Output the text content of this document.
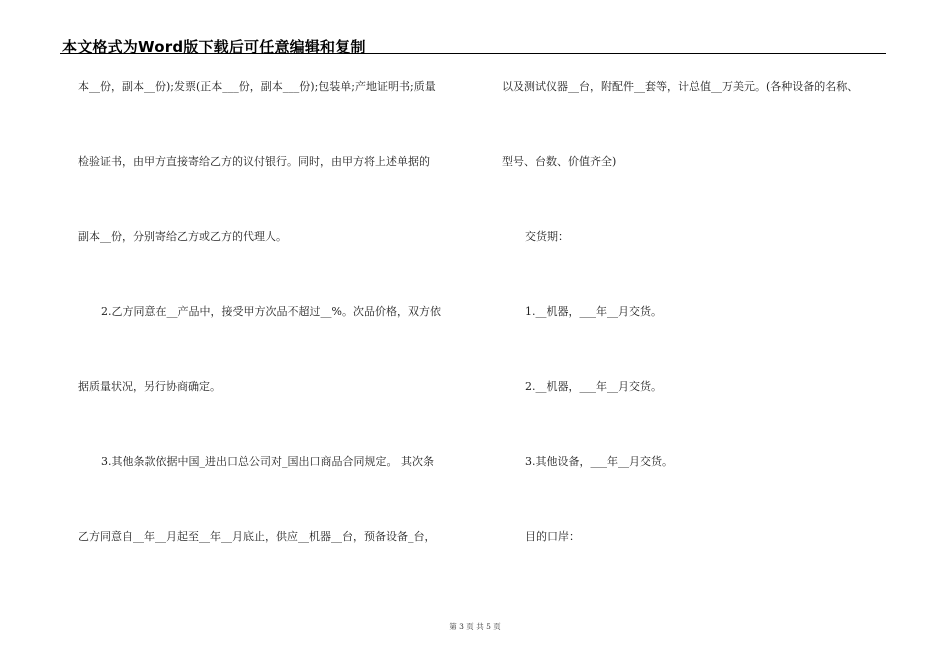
本文格式为Word版下载后可任意编辑和复制
本__份，副本__份);发票(正本___份，副本___份);包装单;产地证明书;质量
检验证书，由甲方直接寄给乙方的议付银行。同时，由甲方将上述单据的
副本__份，分别寄给乙方或乙方的代理人。
2.乙方同意在__产品中，接受甲方次品不超过__%。次品价格，双方依
据质量状况，另行协商确定。
3.其他条款依据中国_进出口总公司对_国出口商品合同规定。 其次条
乙方同意自__年__月起至__年__月底止，供应__机器__台，预备设备_台，
以及测试仪器__台，附配件__套等，计总值__万美元。(各种设备的名称、
型号、台数、价值齐全)
交货期：
1.__机器，___年__月交货。
2.__机器，___年__月交货。
3.其他设备，___年__月交货。
目的口岸：
第 3 页 共 5 页
